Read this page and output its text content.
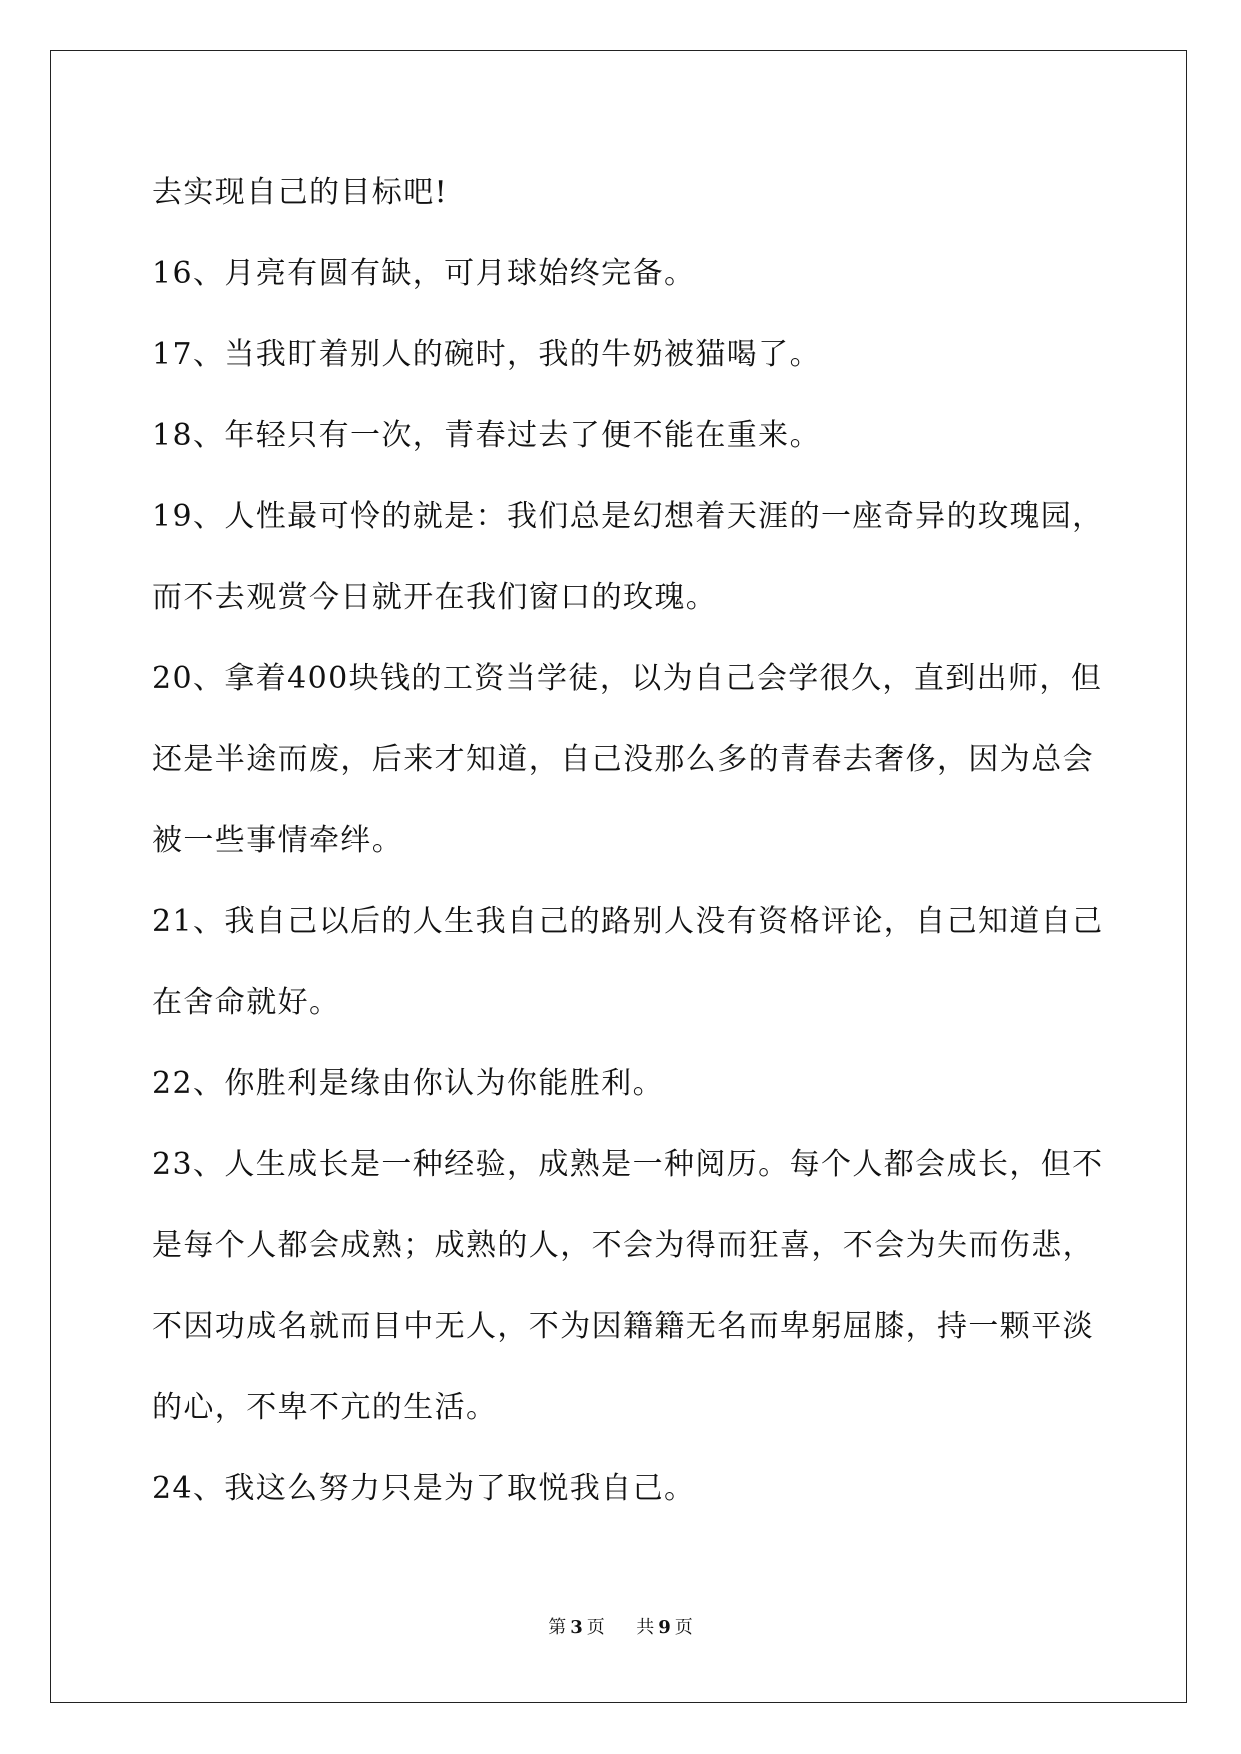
去实现自己的目标吧!
16、月亮有圆有缺，可月球始终完备。
17、当我盯着别人的碗时，我的牛奶被猫喝了。
18、年轻只有一次，青春过去了便不能在重来。
19、人性最可怜的就是：我们总是幻想着天涯的一座奇异的玫瑰园，
而不去观赏今日就开在我们窗口的玫瑰。
20、拿着400块钱的工资当学徒，以为自己会学很久，直到出师，但
还是半途而废，后来才知道，自己没那么多的青春去奢侈，因为总会
被一些事情牵绊。
21、我自己以后的人生我自己的路别人没有资格评论，自己知道自己
在舍命就好。
22、你胜利是缘由你认为你能胜利。
23、人生成长是一种经验，成熟是一种阅历。每个人都会成长，但不
是每个人都会成熟；成熟的人，不会为得而狂喜，不会为失而伤悲，
不因功成名就而目中无人，不为因籍籍无名而卑躬屈膝，持一颗平淡
的心，不卑不亢的生活。
24、我这么努力只是为了取悦我自己。
第 3 页 共 9 页
